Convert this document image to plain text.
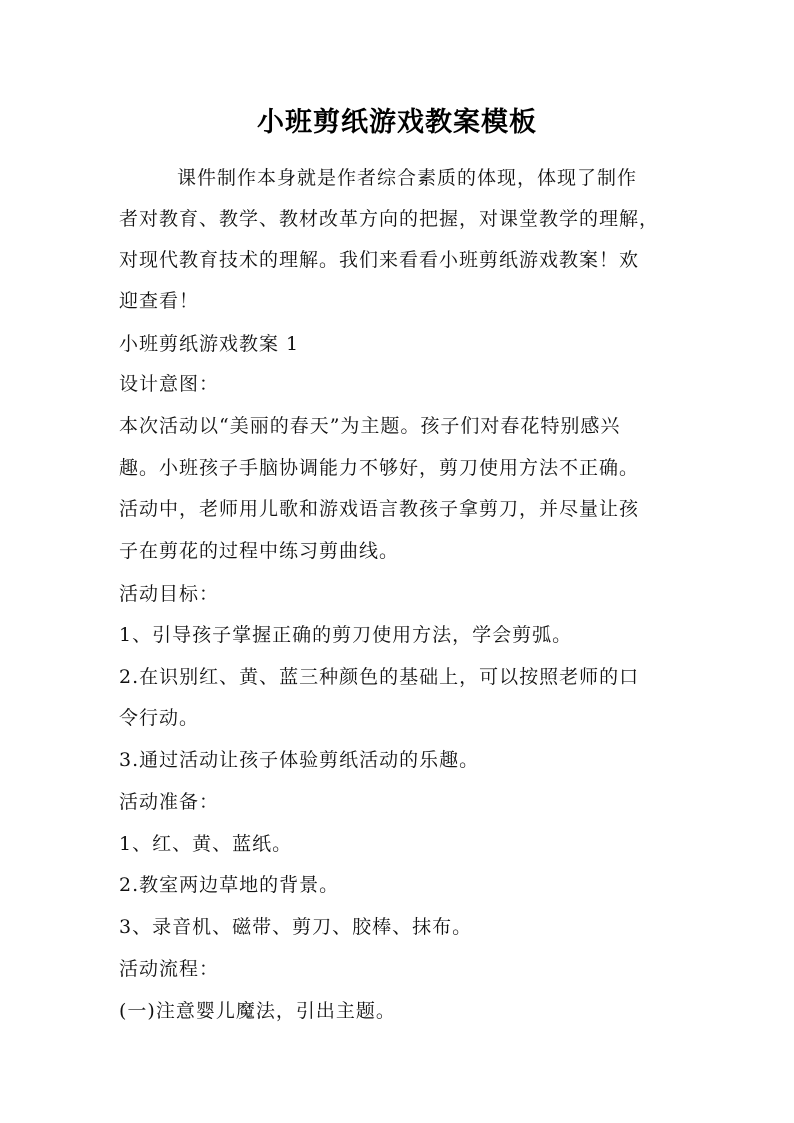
小班剪纸游戏教案模板
课件制作本身就是作者综合素质的体现，体现了制作
者对教育、教学、教材改革方向的把握，对课堂教学的理解，
对现代教育技术的理解。我们来看看小班剪纸游戏教案！欢
迎查看！
小班剪纸游戏教案 1
设计意图：
本次活动以“美丽的春天”为主题。孩子们对春花特别感兴
趣。小班孩子手脑协调能力不够好，剪刀使用方法不正确。
活动中，老师用儿歌和游戏语言教孩子拿剪刀，并尽量让孩
子在剪花的过程中练习剪曲线。
活动目标：
1、引导孩子掌握正确的剪刀使用方法，学会剪弧。
2.在识别红、黄、蓝三种颜色的基础上，可以按照老师的口
令行动。
3.通过活动让孩子体验剪纸活动的乐趣。
活动准备：
1、红、黄、蓝纸。
2.教室两边草地的背景。
3、录音机、磁带、剪刀、胶棒、抹布。
活动流程：
(一)注意婴儿魔法，引出主题。
